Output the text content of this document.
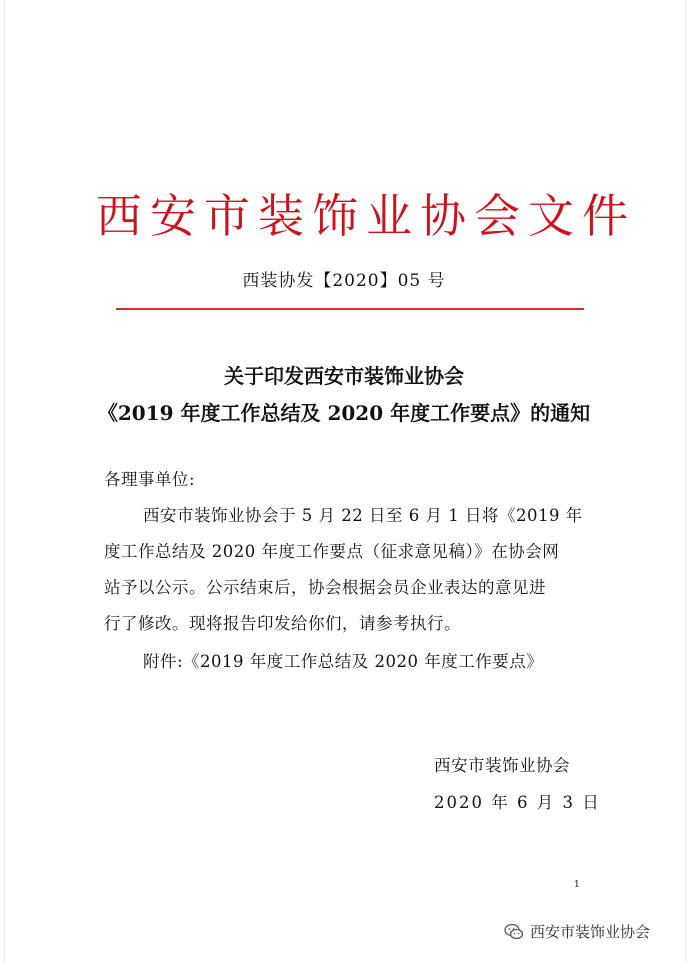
西安市装饰业协会文件
西装协发【2020】05 号
关于印发西安市装饰业协会
《2019 年度工作总结及 2020 年度工作要点》的通知
各理事单位:
西安市装饰业协会于 5 月 22 日至 6 月 1 日将《2019 年
度工作总结及 2020 年度工作要点（征求意见稿）》在协会网
站予以公示。公示结束后，协会根据会员企业表达的意见进
行了修改。现将报告印发给你们，请参考执行。
附件:《2019 年度工作总结及 2020 年度工作要点》
西安市装饰业协会
2020 年 6 月 3 日
1
西安市装饰业协会
